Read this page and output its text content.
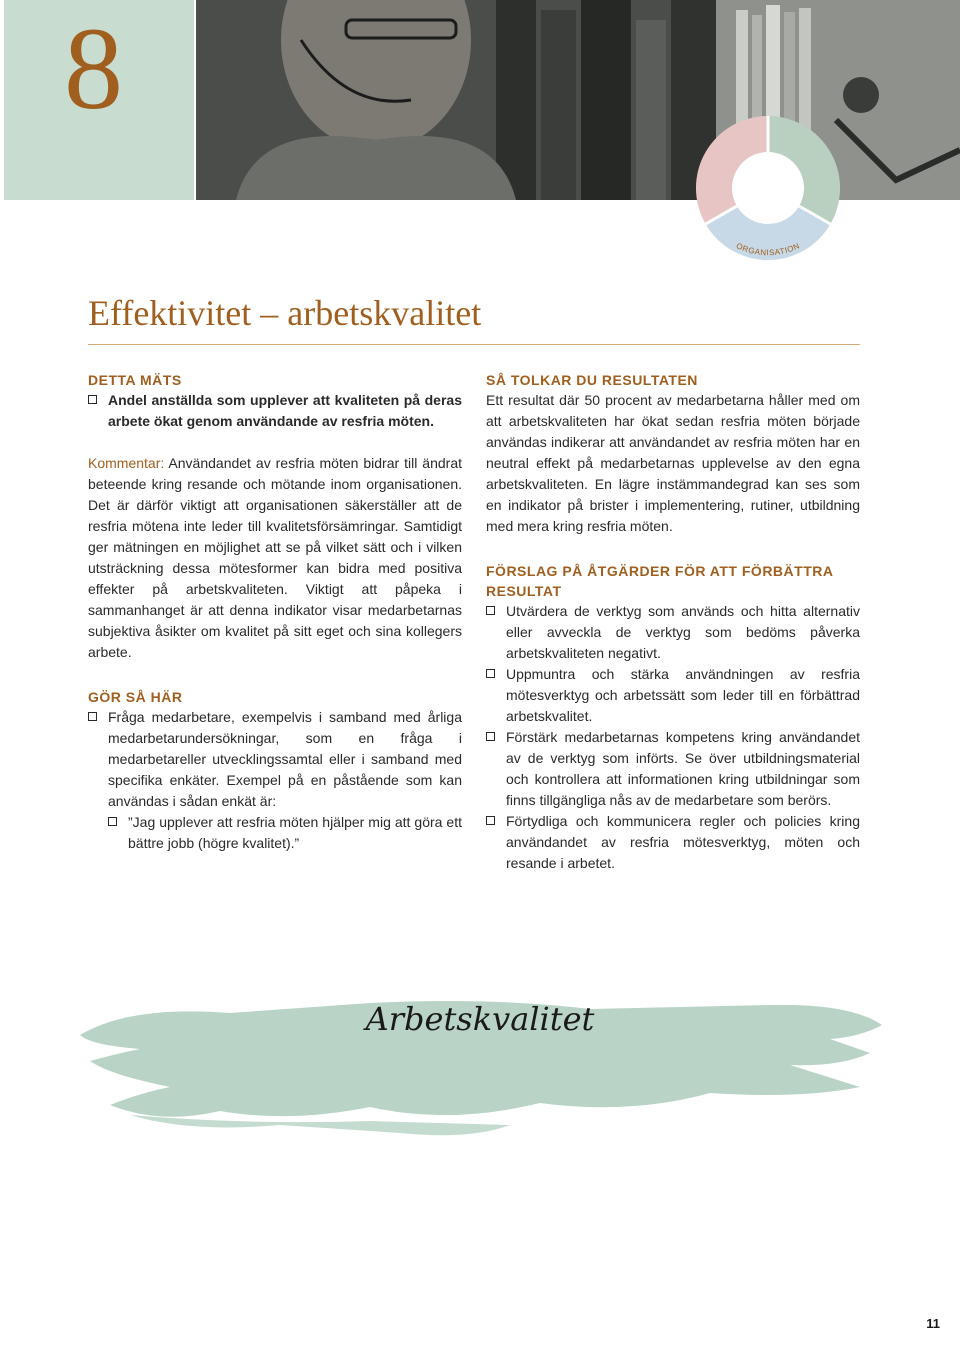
8
ORGANISATION
Effektivitet – arbetskvalitet
DETTA MÄTS
Andel anställda som upplever att kvaliteten på deras arbete ökat genom användande av resfria möten.

Kommentar: Användandet av resfria möten bidrar till ändrat beteende kring resande och mötande inom organisationen. Det är därför viktigt att organisationen säkerställer att de resfria mötena inte leder till kvalitetsförsämringar. Samtidigt ger mätningen en möjlighet att se på vilket sätt och i vilken utsträckning dessa mötesformer kan bidra med positiva effekter på arbetskvaliteten. Viktigt att påpeka i sammanhanget är att denna indikator visar medarbetarnas subjektiva åsikter om kvalitet på sitt eget och sina kollegers arbete.

GÖR SÅ HÄR
Fråga medarbetare, exempelvis i samband med årliga medarbetarundersökningar, som en fråga i medarbetareller utvecklingssamtal eller i samband med specifika enkäter. Exempel på en påstående som kan användas i sådan enkät är:
”Jag upplever att resfria möten hjälper mig att göra ett bättre jobb (högre kvalitet).”
SÅ TOLKAR DU RESULTATEN

Ett resultat där 50 procent av medarbetarna håller med om att arbetskvaliteten har ökat sedan resfria möten började användas indikerar att användandet av resfria möten har en neutral effekt på medarbetarnas upplevelse av den egna arbetskvaliteten. En lägre instämmandegrad kan ses som en indikator på brister i implementering, rutiner, utbildning med mera kring resfria möten.

FÖRSLAG PÅ ÅTGÄRDER FÖR ATT FÖRBÄTTRA RESULTAT
Utvärdera de verktyg som används och hitta alternativ eller avveckla de verktyg som bedöms påverka arbetskvaliteten negativt.
Uppmuntra och stärka användningen av resfria mötesverktyg och arbetssätt som leder till en förbättrad arbetskvalitet.
Förstärk medarbetarnas kompetens kring användandet av de verktyg som införts. Se över utbildningsmaterial och kontrollera att informationen kring utbildningar som finns tillgängliga nås av de medarbetare som berörs.
Förtydliga och kommunicera regler och policies kring användandet av resfria mötesverktyg, möten och resande i arbetet.
Arbetskvalitet
11
